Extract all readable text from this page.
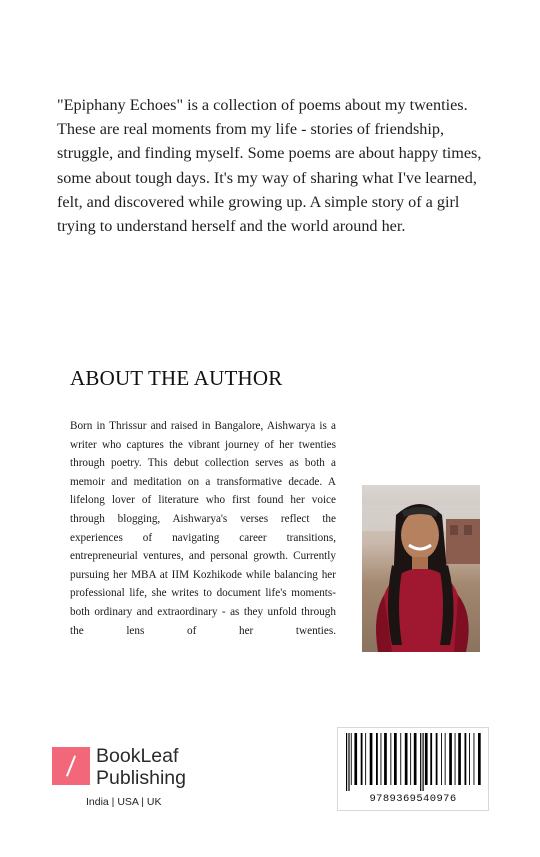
"Epiphany Echoes" is a collection of poems about my twenties. These are real moments from my life - stories of friendship, struggle, and finding myself. Some poems are about happy times, some about tough days. It's my way of sharing what I've learned, felt, and discovered while growing up. A simple story of a girl trying to understand herself and the world around her.
ABOUT THE AUTHOR
Born in Thrissur and raised in Bangalore, Aishwarya is a writer who captures the vibrant journey of her twenties through poetry. This debut collection serves as both a memoir and meditation on a transformative decade. A lifelong lover of literature who first found her voice through blogging, Aishwarya's verses reflect the experiences of navigating career transitions, entrepreneurial ventures, and personal growth. Currently pursuing her MBA at IIM Kozhikode while balancing her professional life, she writes to document life's moments- both ordinary and extraordinary - as they unfold through the lens of her twenties.
BookLeaf
Publishing
India | USA | UK	9789369540976
